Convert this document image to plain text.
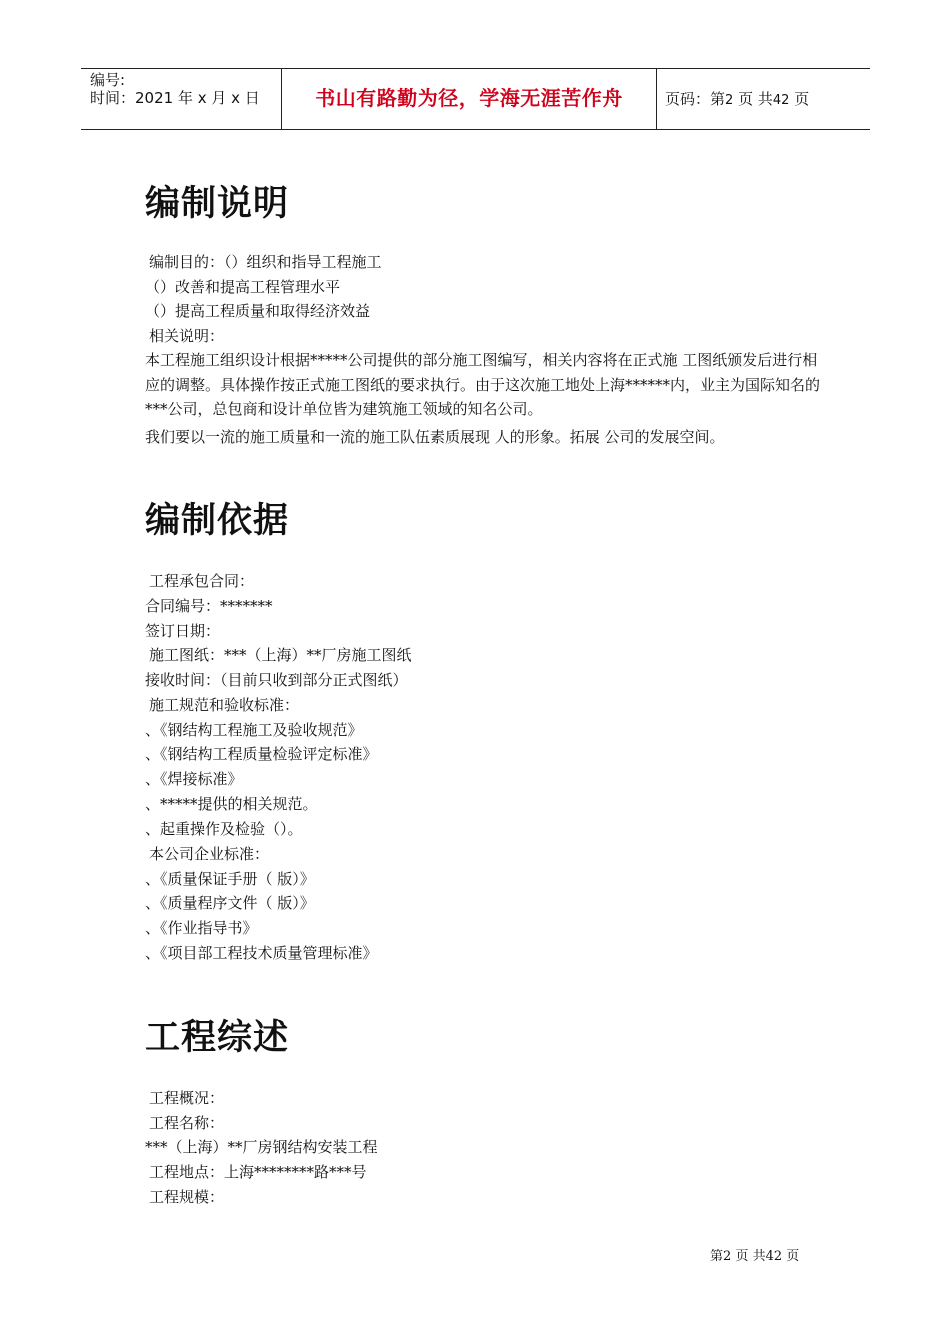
编号:
时间：2021 年 x 月 x 日	书山有路勤为径，学海无涯苦作舟	页码：第2 页 共42 页
编制说明
编制目的：（）组织和指导工程施工
（）改善和提高工程管理水平
（）提高工程质量和取得经济效益
相关说明：
本工程施工组织设计根据*****公司提供的部分施工图编写，相关内容将在正式施 工图纸颁发后进行相应的调整。具体操作按正式施工图纸的要求执行。由于这次施工地处上海******内，业主为国际知名的***公司，总包商和设计单位皆为建筑施工领域的知名公司。
我们要以一流的施工质量和一流的施工队伍素质展现 人的形象。拓展 公司的发展空间。
编制依据
工程承包合同：
合同编号：*******
签订日期：
施工图纸：***（上海）**厂房施工图纸
接收时间：（目前只收到部分正式图纸）
施工规范和验收标准：
、《钢结构工程施工及验收规范》
、《钢结构工程质量检验评定标准》
、《焊接标准》
、*****提供的相关规范。
、起重操作及检验（）。
本公司企业标准：
、《质量保证手册（ 版）》
、《质量程序文件（ 版）》
、《作业指导书》
、《项目部工程技术质量管理标准》
工程综述
工程概况：
工程名称：
***（上海）**厂房钢结构安装工程
工程地点：上海********路***号
工程规模：
第2 页 共42 页
